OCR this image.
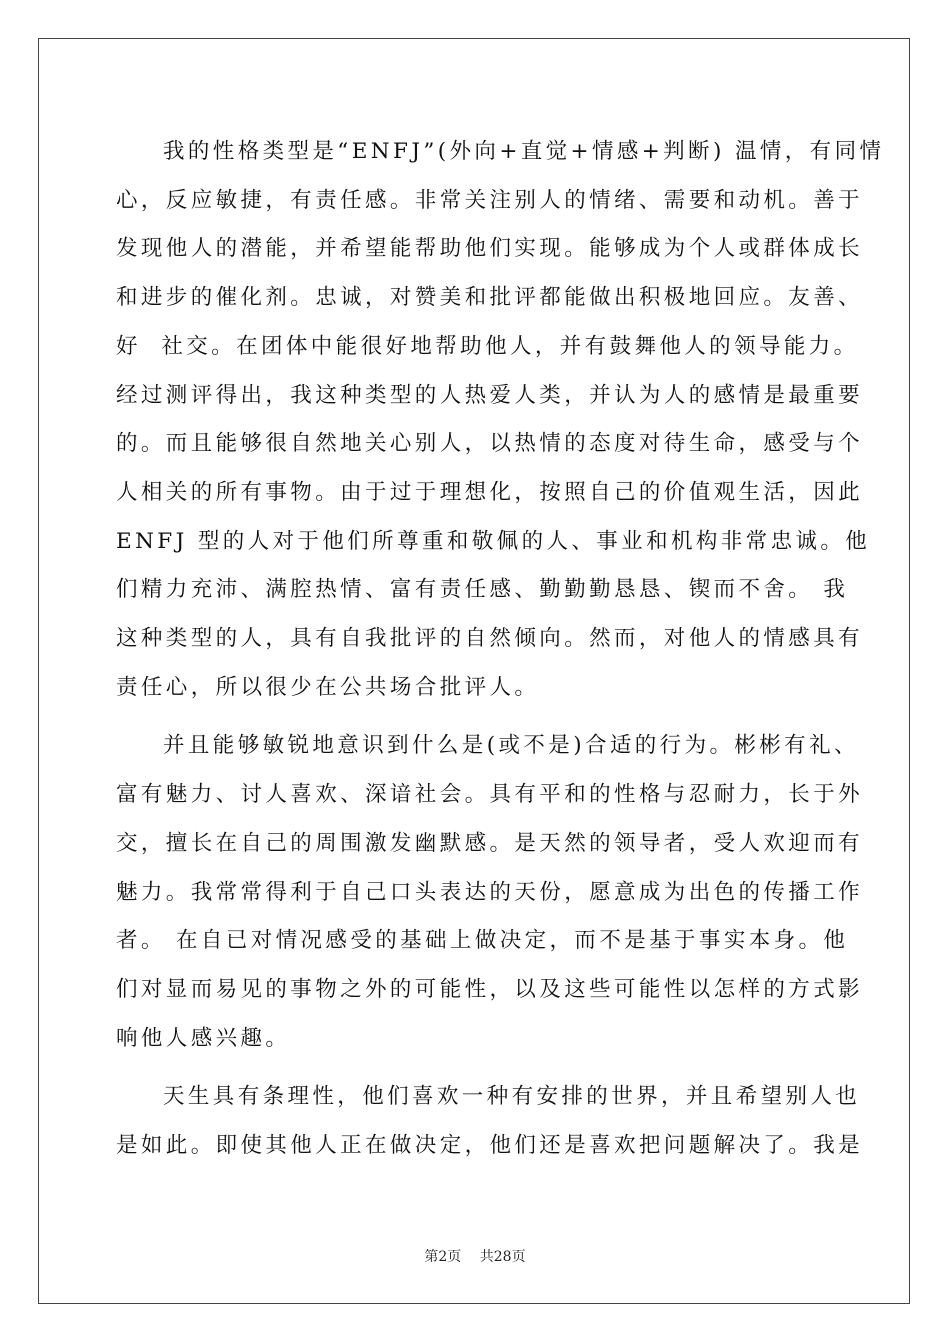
我的性格类型是“ENFJ”(外向+直觉+情感+判断) 温情，有同情

心，反应敏捷，有责任感。非常关注别人的情绪、需要和动机。善于

发现他人的潜能，并希望能帮助他们实现。能够成为个人或群体成长

和进步的催化剂。忠诚，对赞美和批评都能做出积极地回应。友善、

好  社交。在团体中能很好地帮助他人，并有鼓舞他人的领导能力。

经过测评得出，我这种类型的人热爱人类，并认为人的感情是最重要

的。而且能够很自然地关心别人，以热情的态度对待生命，感受与个

人相关的所有事物。由于过于理想化，按照自己的价值观生活，因此

ENFJ 型的人对于他们所尊重和敬佩的人、事业和机构非常忠诚。他

们精力充沛、满腔热情、富有责任感、勤勤勤恳恳、锲而不舍。 我

这种类型的人，具有自我批评的自然倾向。然而，对他人的情感具有

责任心，所以很少在公共场合批评人。

并且能够敏锐地意识到什么是(或不是)合适的行为。彬彬有礼、

富有魅力、讨人喜欢、深谙社会。具有平和的性格与忍耐力，长于外

交，擅长在自己的周围激发幽默感。是天然的领导者，受人欢迎而有

魅力。我常常得利于自己口头表达的天份，愿意成为出色的传播工作

者。 在自已对情况感受的基础上做决定，而不是基于事实本身。他

们对显而易见的事物之外的可能性，以及这些可能性以怎样的方式影

响他人感兴趣。

天生具有条理性，他们喜欢一种有安排的世界，并且希望别人也

是如此。即使其他人正在做决定，他们还是喜欢把问题解决了。我是

第2页 共28页
